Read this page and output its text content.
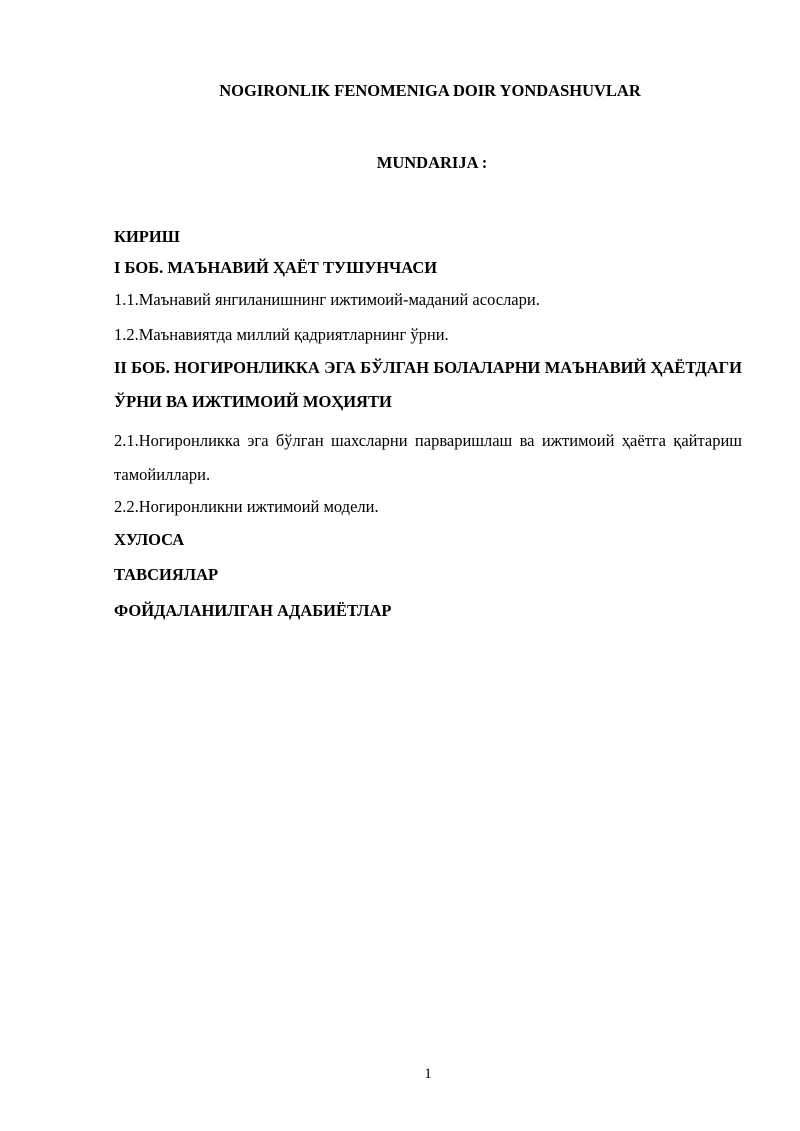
NOGIRONLIK FENOMENIGA DOIR YONDASHUVLAR
MUNDARIJA :
КИРИШ
I БОБ. МАЪНАВИЙ ҲАЁТ ТУШУНЧАСИ
1.1.Маънавий янгиланишнинг ижтимоий-маданий асослари.
1.2.Маънавиятда миллий қадриятларнинг ўрни.
II БОБ. НОГИРОНЛИККА ЭГА БЎЛГАН БОЛАЛАРНИ МАЪНАВИЙ ҲАЁТДАГИ ЎРНИ ВА ИЖТИМОИЙ МОҲИЯТИ
2.1.Ногиронликка эга бўлган шахсларни парваришлаш ва ижтимоий ҳаётга қайтариш тамойиллари.
2.2.Ногиронликни ижтимоий модели.
ХУЛОСА
ТАВСИЯЛАР
ФОЙДАЛАНИЛГАН АДАБИЁТЛАР
1
